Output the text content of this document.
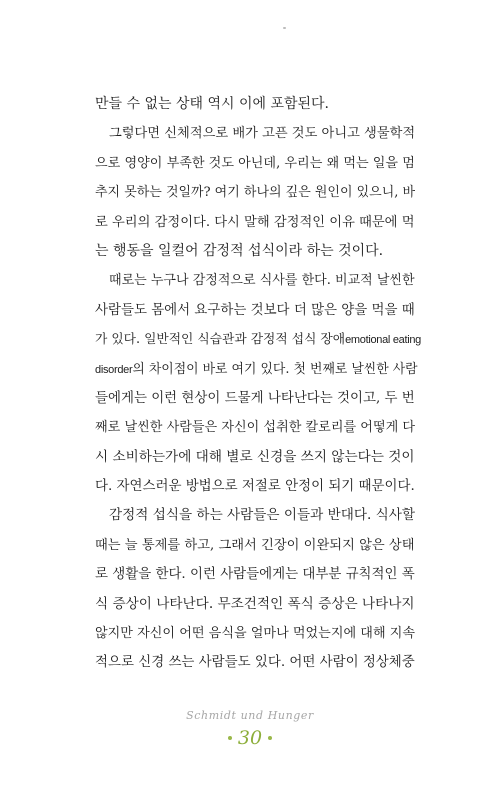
만들 수 없는 상태 역시 이에 포함된다.
그렇다면 신체적으로 배가 고픈 것도 아니고 생물학적
으로 영양이 부족한 것도 아닌데, 우리는 왜 먹는 일을 멈
추지 못하는 것일까? 여기 하나의 깊은 원인이 있으니, 바
로 우리의 감정이다. 다시 말해 감정적인 이유 때문에 먹
는 행동을 일컬어 감정적 섭식이라 하는 것이다.
때로는 누구나 감정적으로 식사를 한다. 비교적 날씬한
사람들도 몸에서 요구하는 것보다 더 많은 양을 먹을 때
가 있다. 일반적인 식습관과 감정적 섭식 장애emotional eating
disorder의 차이점이 바로 여기 있다. 첫 번째로 날씬한 사람
들에게는 이런 현상이 드물게 나타난다는 것이고, 두 번
째로 날씬한 사람들은 자신이 섭취한 칼로리를 어떻게 다
시 소비하는가에 대해 별로 신경을 쓰지 않는다는 것이
다. 자연스러운 방법으로 저절로 안정이 되기 때문이다.
감정적 섭식을 하는 사람들은 이들과 반대다. 식사할
때는 늘 통제를 하고, 그래서 긴장이 이완되지 않은 상태
로 생활을 한다. 이런 사람들에게는 대부분 규칙적인 폭
식 증상이 나타난다. 무조건적인 폭식 증상은 나타나지
않지만 자신이 어떤 음식을 얼마나 먹었는지에 대해 지속
적으로 신경 쓰는 사람들도 있다. 어떤 사람이 정상체중
Schmidt und Hunger
30
